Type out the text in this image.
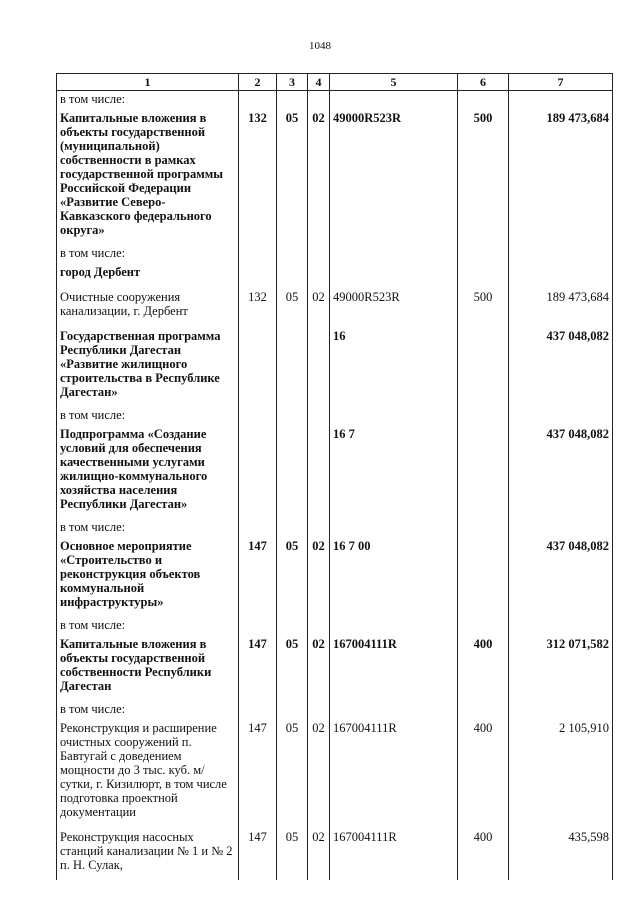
1048
1	2	3	4	5	6	7
в том числе:						
Капитальные вложения в объекты государственной (муниципальной) собственности в рамках государственной программы Российской Федерации «Развитие Северо-Кавказского федерального округа»	132	05	02	49000R523R	500	189 473,684
в том числе:						
город Дербент						
Очистные сооружения канализации, г. Дербент	132	05	02	49000R523R	500	189 473,684
Государственная программа Республики Дагестан «Развитие жилищного строительства в Республике Дагестан»				16		437 048,082
в том числе:						
Подпрограмма «Создание условий для обеспечения качественными услугами жилищно-коммунального хозяйства населения Республики Дагестан»				16 7		437 048,082
в том числе:						
Основное мероприятие «Строительство и реконструкция объектов коммунальной инфраструктуры»	147	05	02	16 7 00		437 048,082
в том числе:						
Капитальные вложения в объекты государственной собственности Республики Дагестан	147	05	02	167004111R	400	312 071,582
в том числе:						
Реконструкция и расширение очистных сооружений п. Бавтугай с доведением мощности до 3 тыс. куб. м/сутки, г. Кизилюрт, в том числе подготовка проектной документации	147	05	02	167004111R	400	2 105,910
Реконструкция насосных станций канализации № 1 и № 2 п. Н. Сулак,	147	05	02	167004111R	400	435,598
